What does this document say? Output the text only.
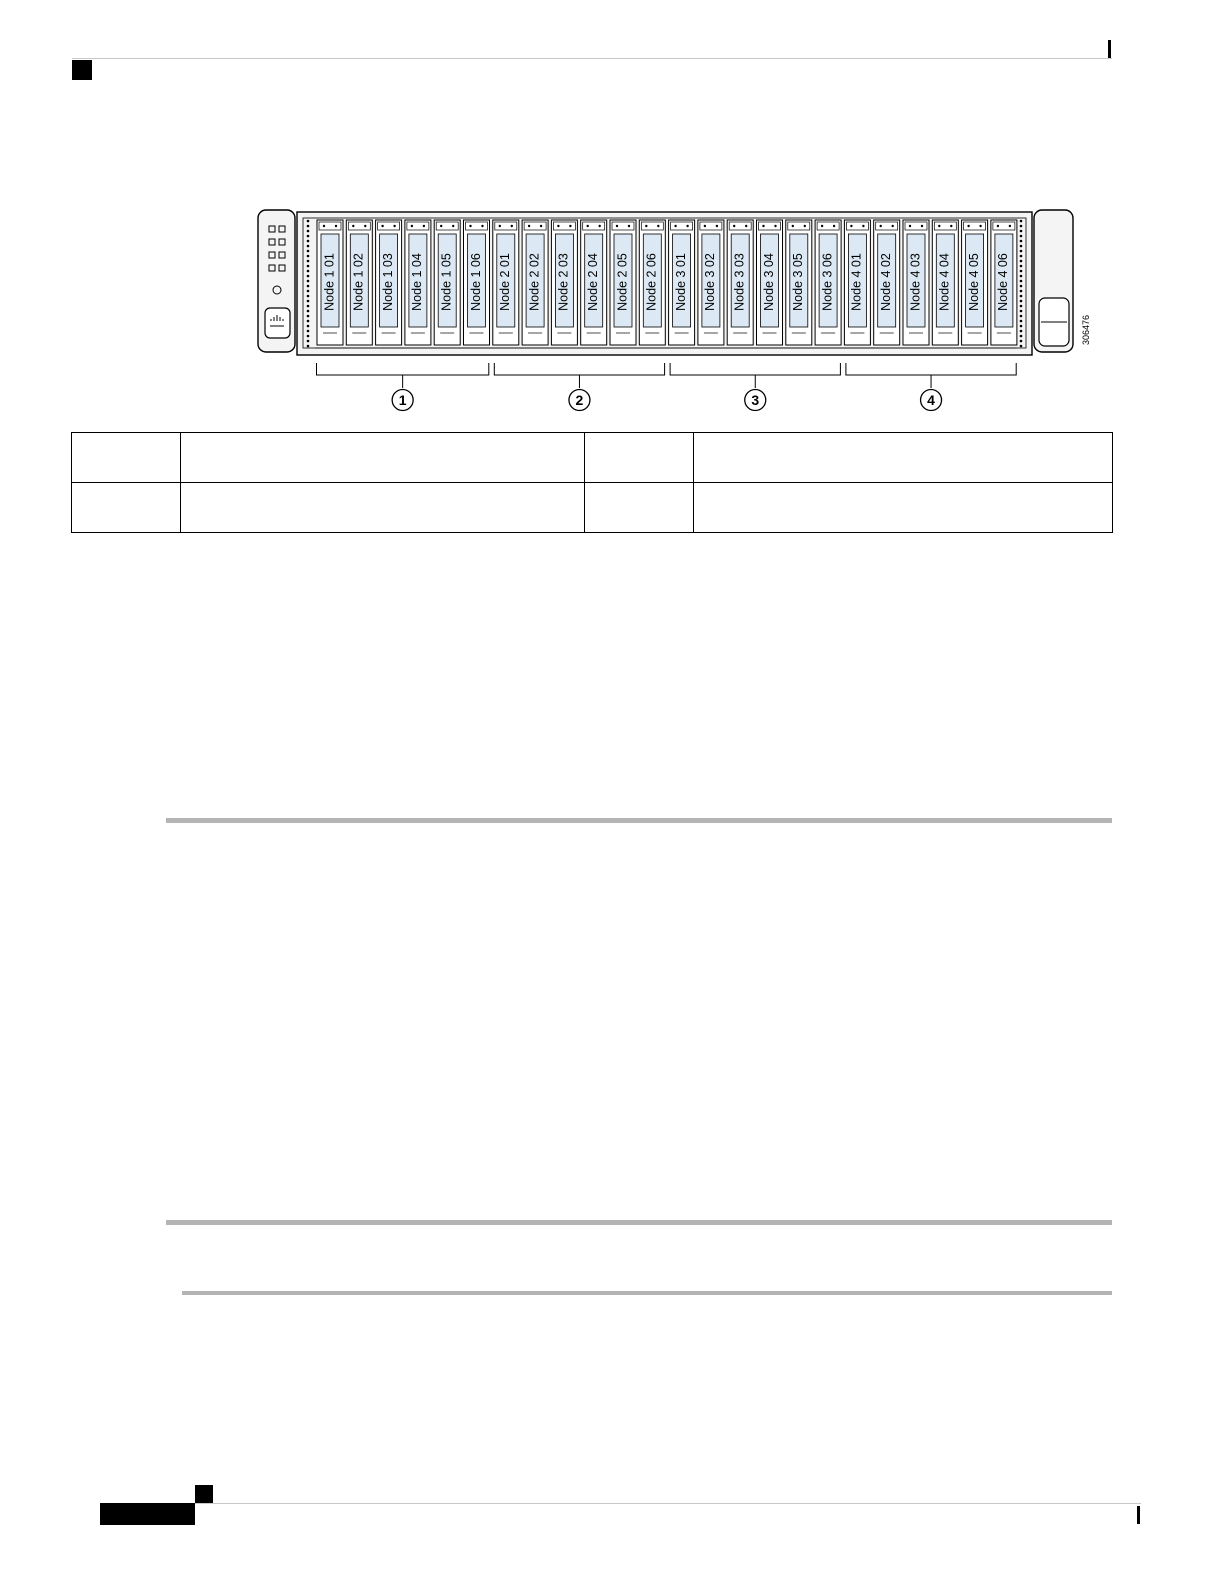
Node 1 01 Node 1 02 Node 1 03 Node 1 04 Node 1 05 Node 1 06 Node 2 01 Node 2 02 Node 2 03 Node 2 04 Node 2 05 Node 2 06 Node 3 01 Node 3 02 Node 3 03 Node 3 04 Node 3 05 Node 3 06 Node 4 01 Node 4 02 Node 4 03 Node 4 04 Node 4 05 Node 4 06
306476
1	2	3	4
